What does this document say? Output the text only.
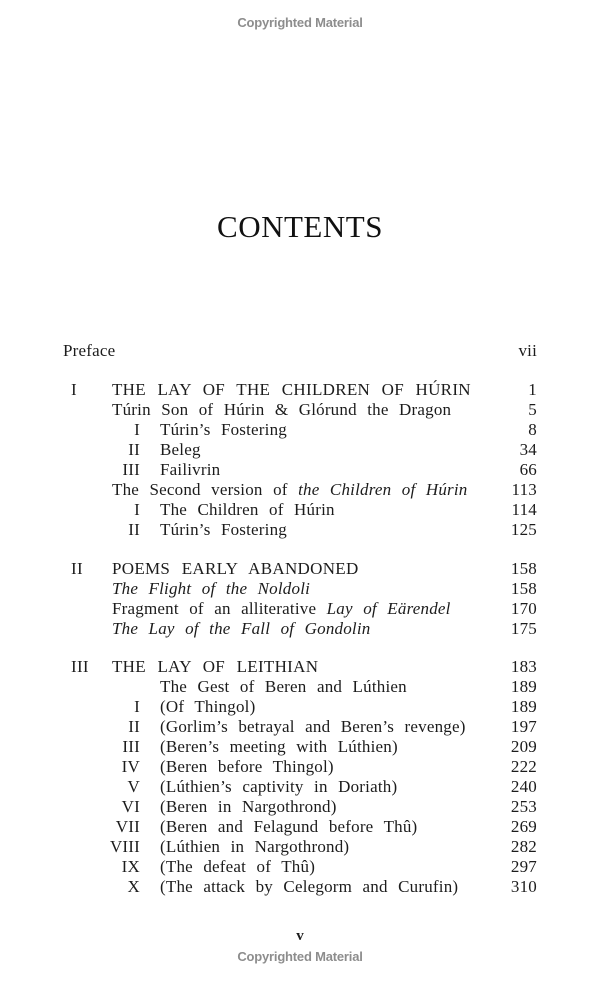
Copyrighted Material
CONTENTS
Preface	vii
I THE LAY OF THE CHILDREN OF HÚRIN	1
Túrin Son of Húrin & Glórund the Dragon	5
I Túrin’s Fostering	8
II Beleg	34
III Failivrin	66
The Second version of the Children of Húrin	113
I The Children of Húrin	114
II Túrin’s Fostering	125
II POEMS EARLY ABANDONED	158
The Flight of the Noldoli	158
Fragment of an alliterative Lay of Eärendel	170
The Lay of the Fall of Gondolin	175
III THE LAY OF LEITHIAN	183
The Gest of Beren and Lúthien	189
I (Of Thingol)	189
II (Gorlim’s betrayal and Beren’s revenge)	197
III (Beren’s meeting with Lúthien)	209
IV (Beren before Thingol)	222
V (Lúthien’s captivity in Doriath)	240
VI (Beren in Nargothrond)	253
VII (Beren and Felagund before Thû)	269
VIII (Lúthien in Nargothrond)	282
IX (The defeat of Thû)	297
X (The attack by Celegorm and Curufin)	310
v
Copyrighted Material
